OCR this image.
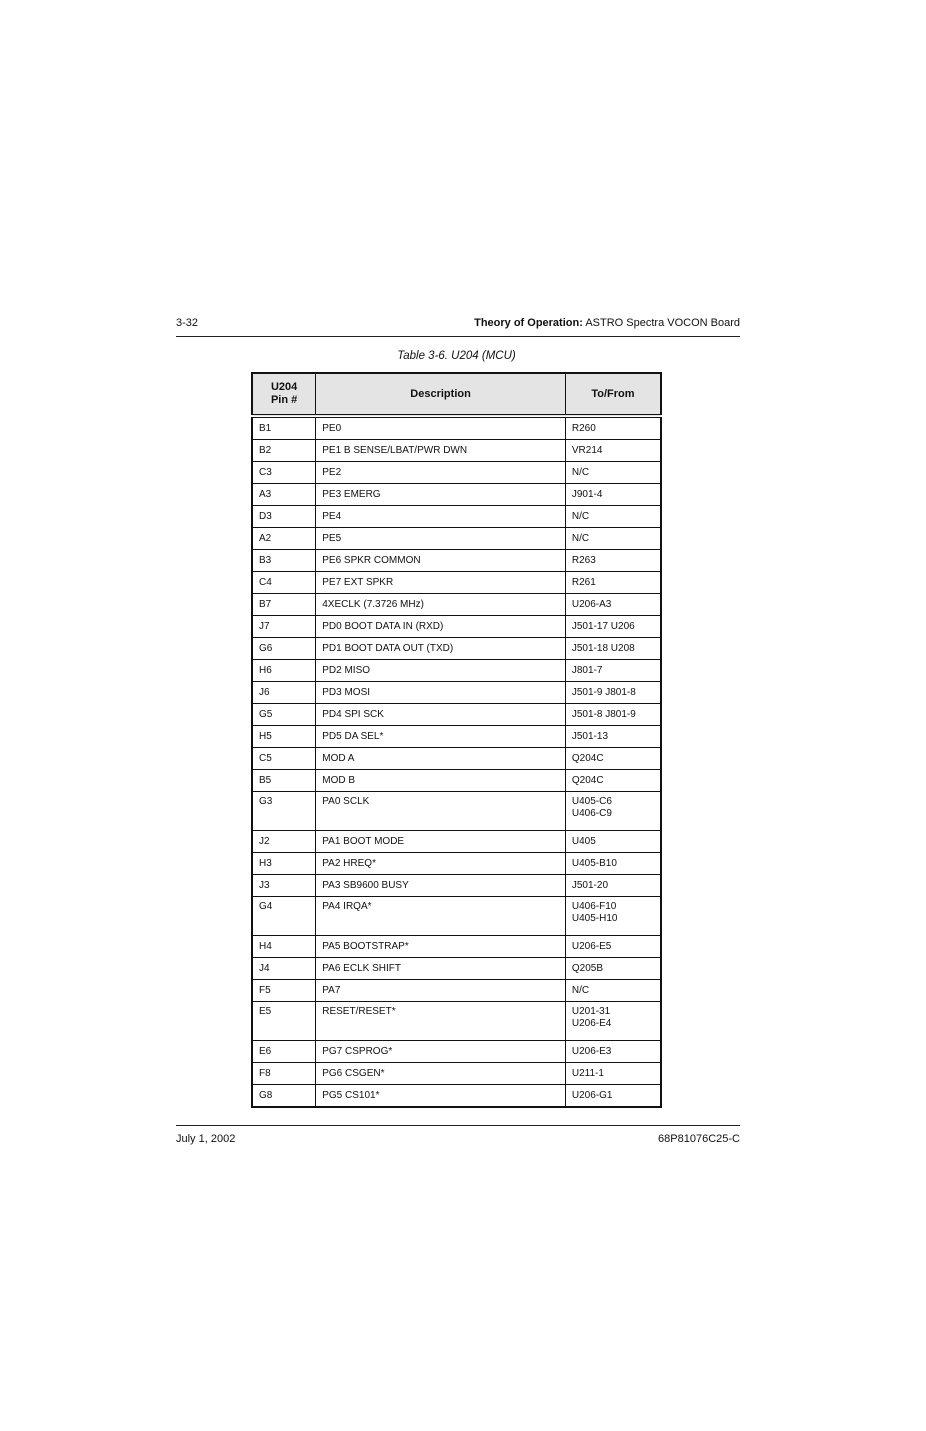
3-32	Theory of Operation: ASTRO Spectra VOCON Board
Table 3-6. U204 (MCU)
U204
Pin #	Description	To/From
B1	PE0	R260
B2	PE1 B SENSE/LBAT/PWR DWN	VR214
C3	PE2	N/C
A3	PE3 EMERG	J901-4
D3	PE4	N/C
A2	PE5	N/C
B3	PE6 SPKR COMMON	R263
C4	PE7 EXT SPKR	R261
B7	4XECLK (7.3726 MHz)	U206-A3
J7	PD0 BOOT DATA IN (RXD)	J501-17 U206
G6	PD1 BOOT DATA OUT (TXD)	J501-18 U208
H6	PD2 MISO	J801-7
J6	PD3 MOSI	J501-9 J801-8
G5	PD4 SPI SCK	J501-8 J801-9
H5	PD5 DA SEL*	J501-13
C5	MOD A	Q204C
B5	MOD B	Q204C
G3	PA0 SCLK	U405-C6
U406-C9
J2	PA1 BOOT MODE	U405
H3	PA2 HREQ*	U405-B10
J3	PA3 SB9600 BUSY	J501-20
G4	PA4 IRQA*	U406-F10
U405-H10
H4	PA5 BOOTSTRAP*	U206-E5
J4	PA6 ECLK SHIFT	Q205B
F5	PA7	N/C
E5	RESET/RESET*	U201-31
U206-E4
E6	PG7 CSPROG*	U206-E3
F8	PG6 CSGEN*	U211-1
G8	PG5 CS101*	U206-G1
July 1, 2002	68P81076C25-C
